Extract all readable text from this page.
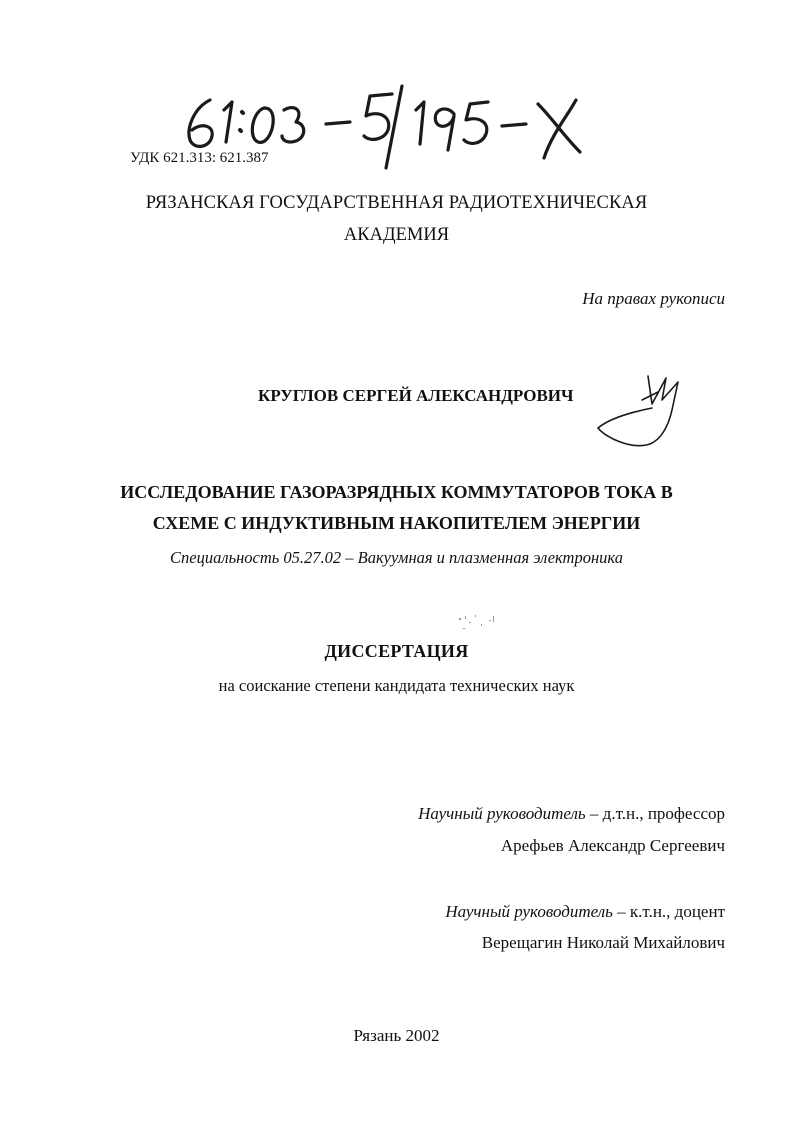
УДК 621.313: 621.387
РЯЗАНСКАЯ ГОСУДАРСТВЕННАЯ РАДИОТЕХНИЧЕСКАЯ
АКАДЕМИЯ
На правах рукописи
КРУГЛОВ СЕРГЕЙ АЛЕКСАНДРОВИЧ
ИССЛЕДОВАНИЕ ГАЗОРАЗРЯДНЫХ КОММУТАТОРОВ ТОКА В
СХЕМЕ С ИНДУКТИВНЫМ НАКОПИТЕЛЕМ ЭНЕРГИИ
Специальность 05.27.02 – Вакуумная и плазменная электроника
ДИССЕРТАЦИЯ
на соискание степени кандидата технических наук
Научный руководитель – д.т.н., профессор
Арефьев Александр Сергеевич
Научный руководитель – к.т.н., доцент
Верещагин Николай Михайлович
Рязань 2002
